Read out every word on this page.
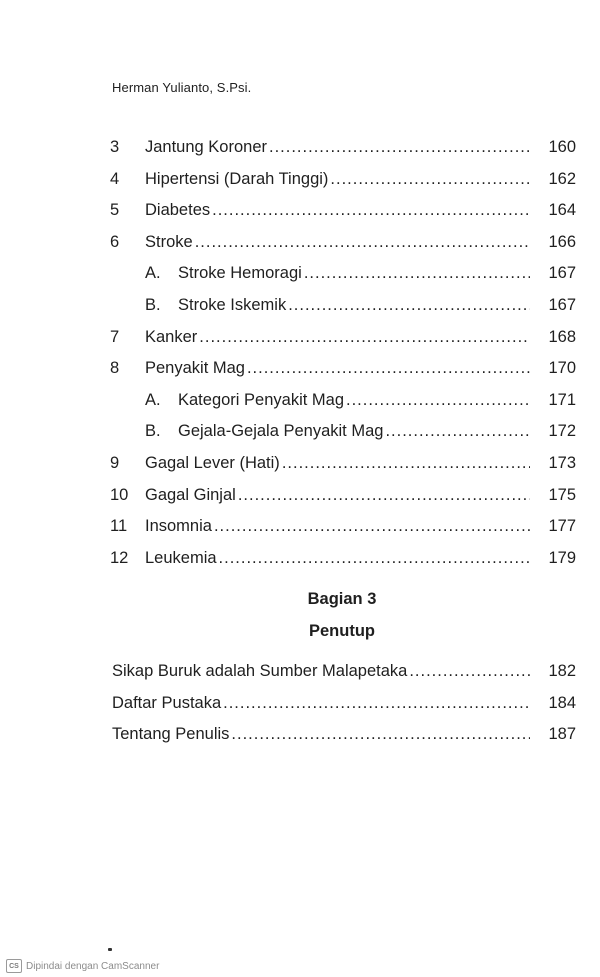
Herman Yulianto, S.Psi.
3	Jantung Koroner .....	160
4	Hipertensi (Darah Tinggi) .....	162
5	Diabetes .....	164
6	Stroke .....	166
A.	Stroke Hemoragi .....	167
B.	Stroke Iskemik .....	167
7	Kanker .....	168
8	Penyakit Mag .....	170
A.	Kategori Penyakit Mag .....	171
B.	Gejala-Gejala Penyakit Mag .....	172
9	Gagal Lever (Hati) .....	173
10	Gagal Ginjal .....	175
11	Insomnia .....	177
12	Leukemia .....	179
Bagian 3
Penutup
Sikap Buruk adalah Sumber Malapetaka .....	182
Daftar Pustaka .....	184
Tentang Penulis .....	187
CS Dipindai dengan CamScanner
